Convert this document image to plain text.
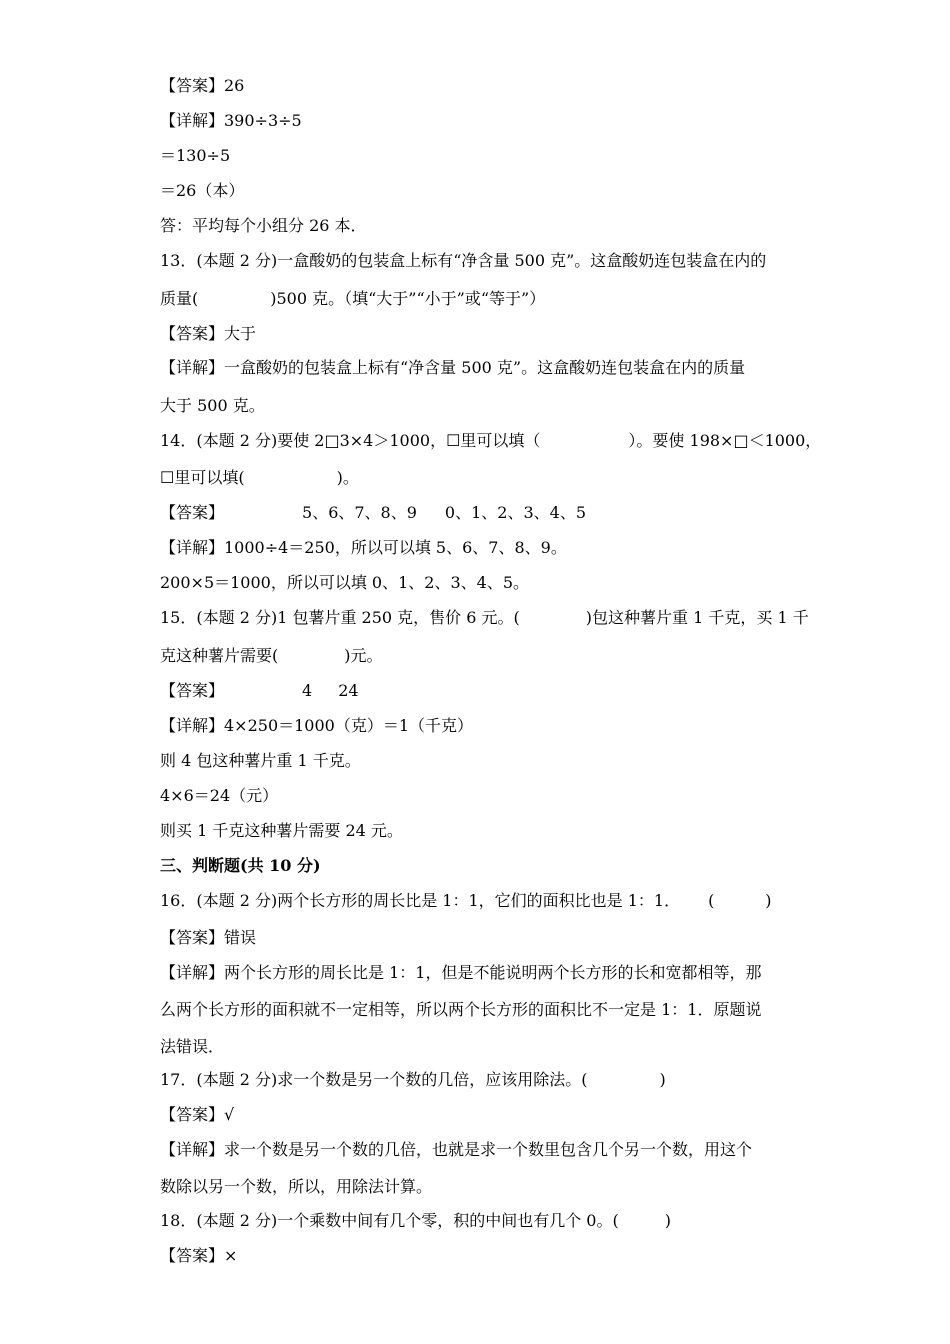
【答案】26

【详解】390÷3÷5

＝130÷5

＝26（本）

答：平均每个小组分 26 本．

13．(本题 2 分)一盒酸奶的包装盒上标有“净含量 500 克”。这盒酸奶连包装盒在内的

质量(	)500 克。（填“大于”“小于”或“等于”）

【答案】大于

【详解】一盒酸奶的包装盒上标有“净含量 500 克”。这盒酸奶连包装盒在内的质量

大于 500 克。

14．(本题 2 分)要使 2□3×4＞1000，☐里可以填（	）。要使 198×□＜1000，

☐里可以填(	)。

【答案】	5、6、7、8、9 0、1、2、3、4、5

【详解】1000÷4＝250，所以可以填 5、6、7、8、9。

200×5＝1000，所以可以填 0、1、2、3、4、5。

15．(本题 2 分)1 包薯片重 250 克，售价 6 元。(	)包这种薯片重 1 千克，买 1 千

克这种薯片需要(	)元。

【答案】	4 24

【详解】4×250＝1000（克）＝1（千克）

则 4 包这种薯片重 1 千克。

4×6＝24（元）

则买 1 千克这种薯片需要 24 元。

三、判断题(共 10 分)

16．(本题 2 分)两个长方形的周长比是 1：1，它们的面积比也是 1：1． (          )

【答案】错误

【详解】两个长方形的周长比是 1：1，但是不能说明两个长方形的长和宽都相等，那

么两个长方形的面积就不一定相等，所以两个长方形的面积比不一定是 1：1．原题说

法错误．

17．(本题 2 分)求一个数是另一个数的几倍，应该用除法。(	)

【答案】√

【详解】求一个数是另一个数的几倍，也就是求一个数里包含几个另一个数，用这个

数除以另一个数，所以，用除法计算。

18．(本题 2 分)一个乘数中间有几个零，积的中间也有几个 0。(	)

【答案】×
